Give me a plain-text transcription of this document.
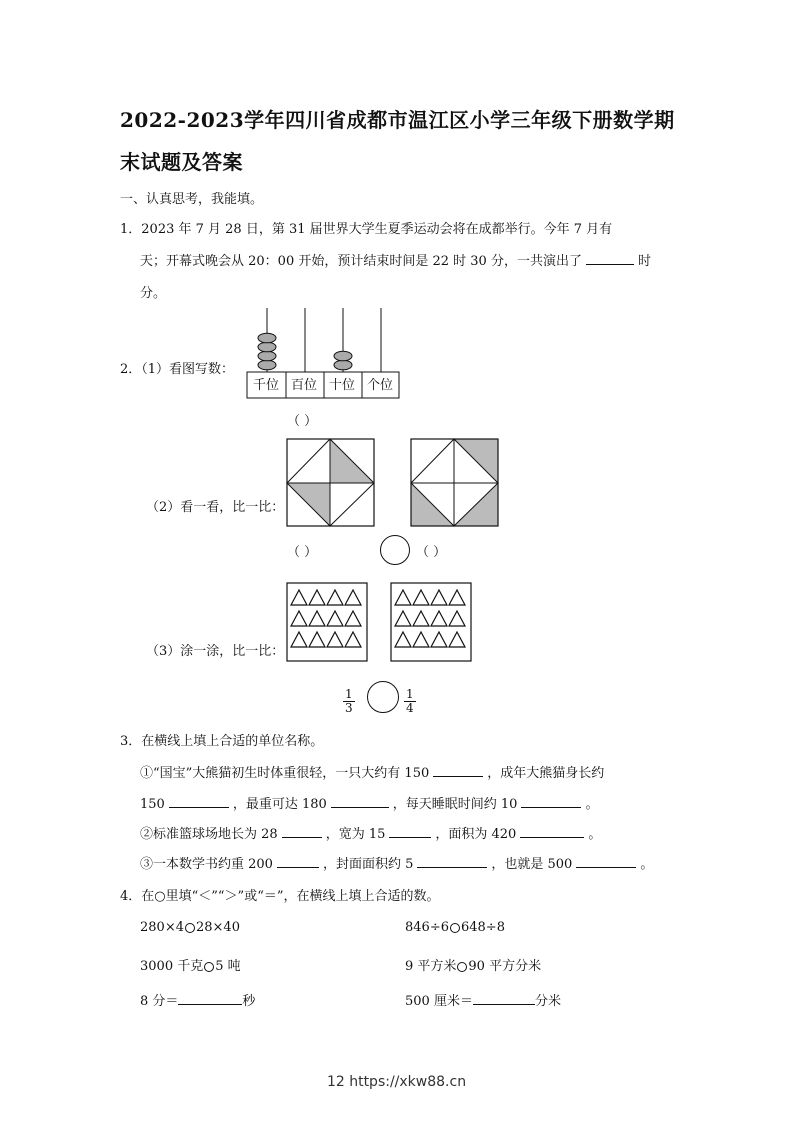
2022-2023学年四川省成都市温江区小学三年级下册数学期
末试题及答案
一、认真思考，我能填。
1．2023 年 7 月 28 日，第 31 届世界大学生夏季运动会将在成都举行。今年 7 月有
天；开幕式晚会从 20：00 开始，预计结束时间是 22 时 30 分，一共演出了	时
分。
2．（1）看图写数：
千位 百位 十位 个位
（ ）
（2）看一看，比一比：
（ ）	（ ）
（3）涂一涂，比一比：
$\frac{1}{3}$	$\frac{1}{4}$
3．在横线上填上合适的单位名称。
①“国宝”大熊猫初生时体重很轻，一只大约有 150	，成年大熊猫身长约
150	，最重可达 180	，每天睡眠时间约 10	。
②标准篮球场地长为 28	，宽为 15	，面积为 420	。
③一本数学书约重 200	，封面面积约 5	，也就是 500	。
4．在○里填“＜”“＞”或“＝”，在横线上填上合适的数。
280×4 28×40	846÷6 648÷8
3000 千克 5 吨	9 平方米 90 平方分米
8 分＝	秒	500 厘米＝	分米
12 https://xkw88.cn
